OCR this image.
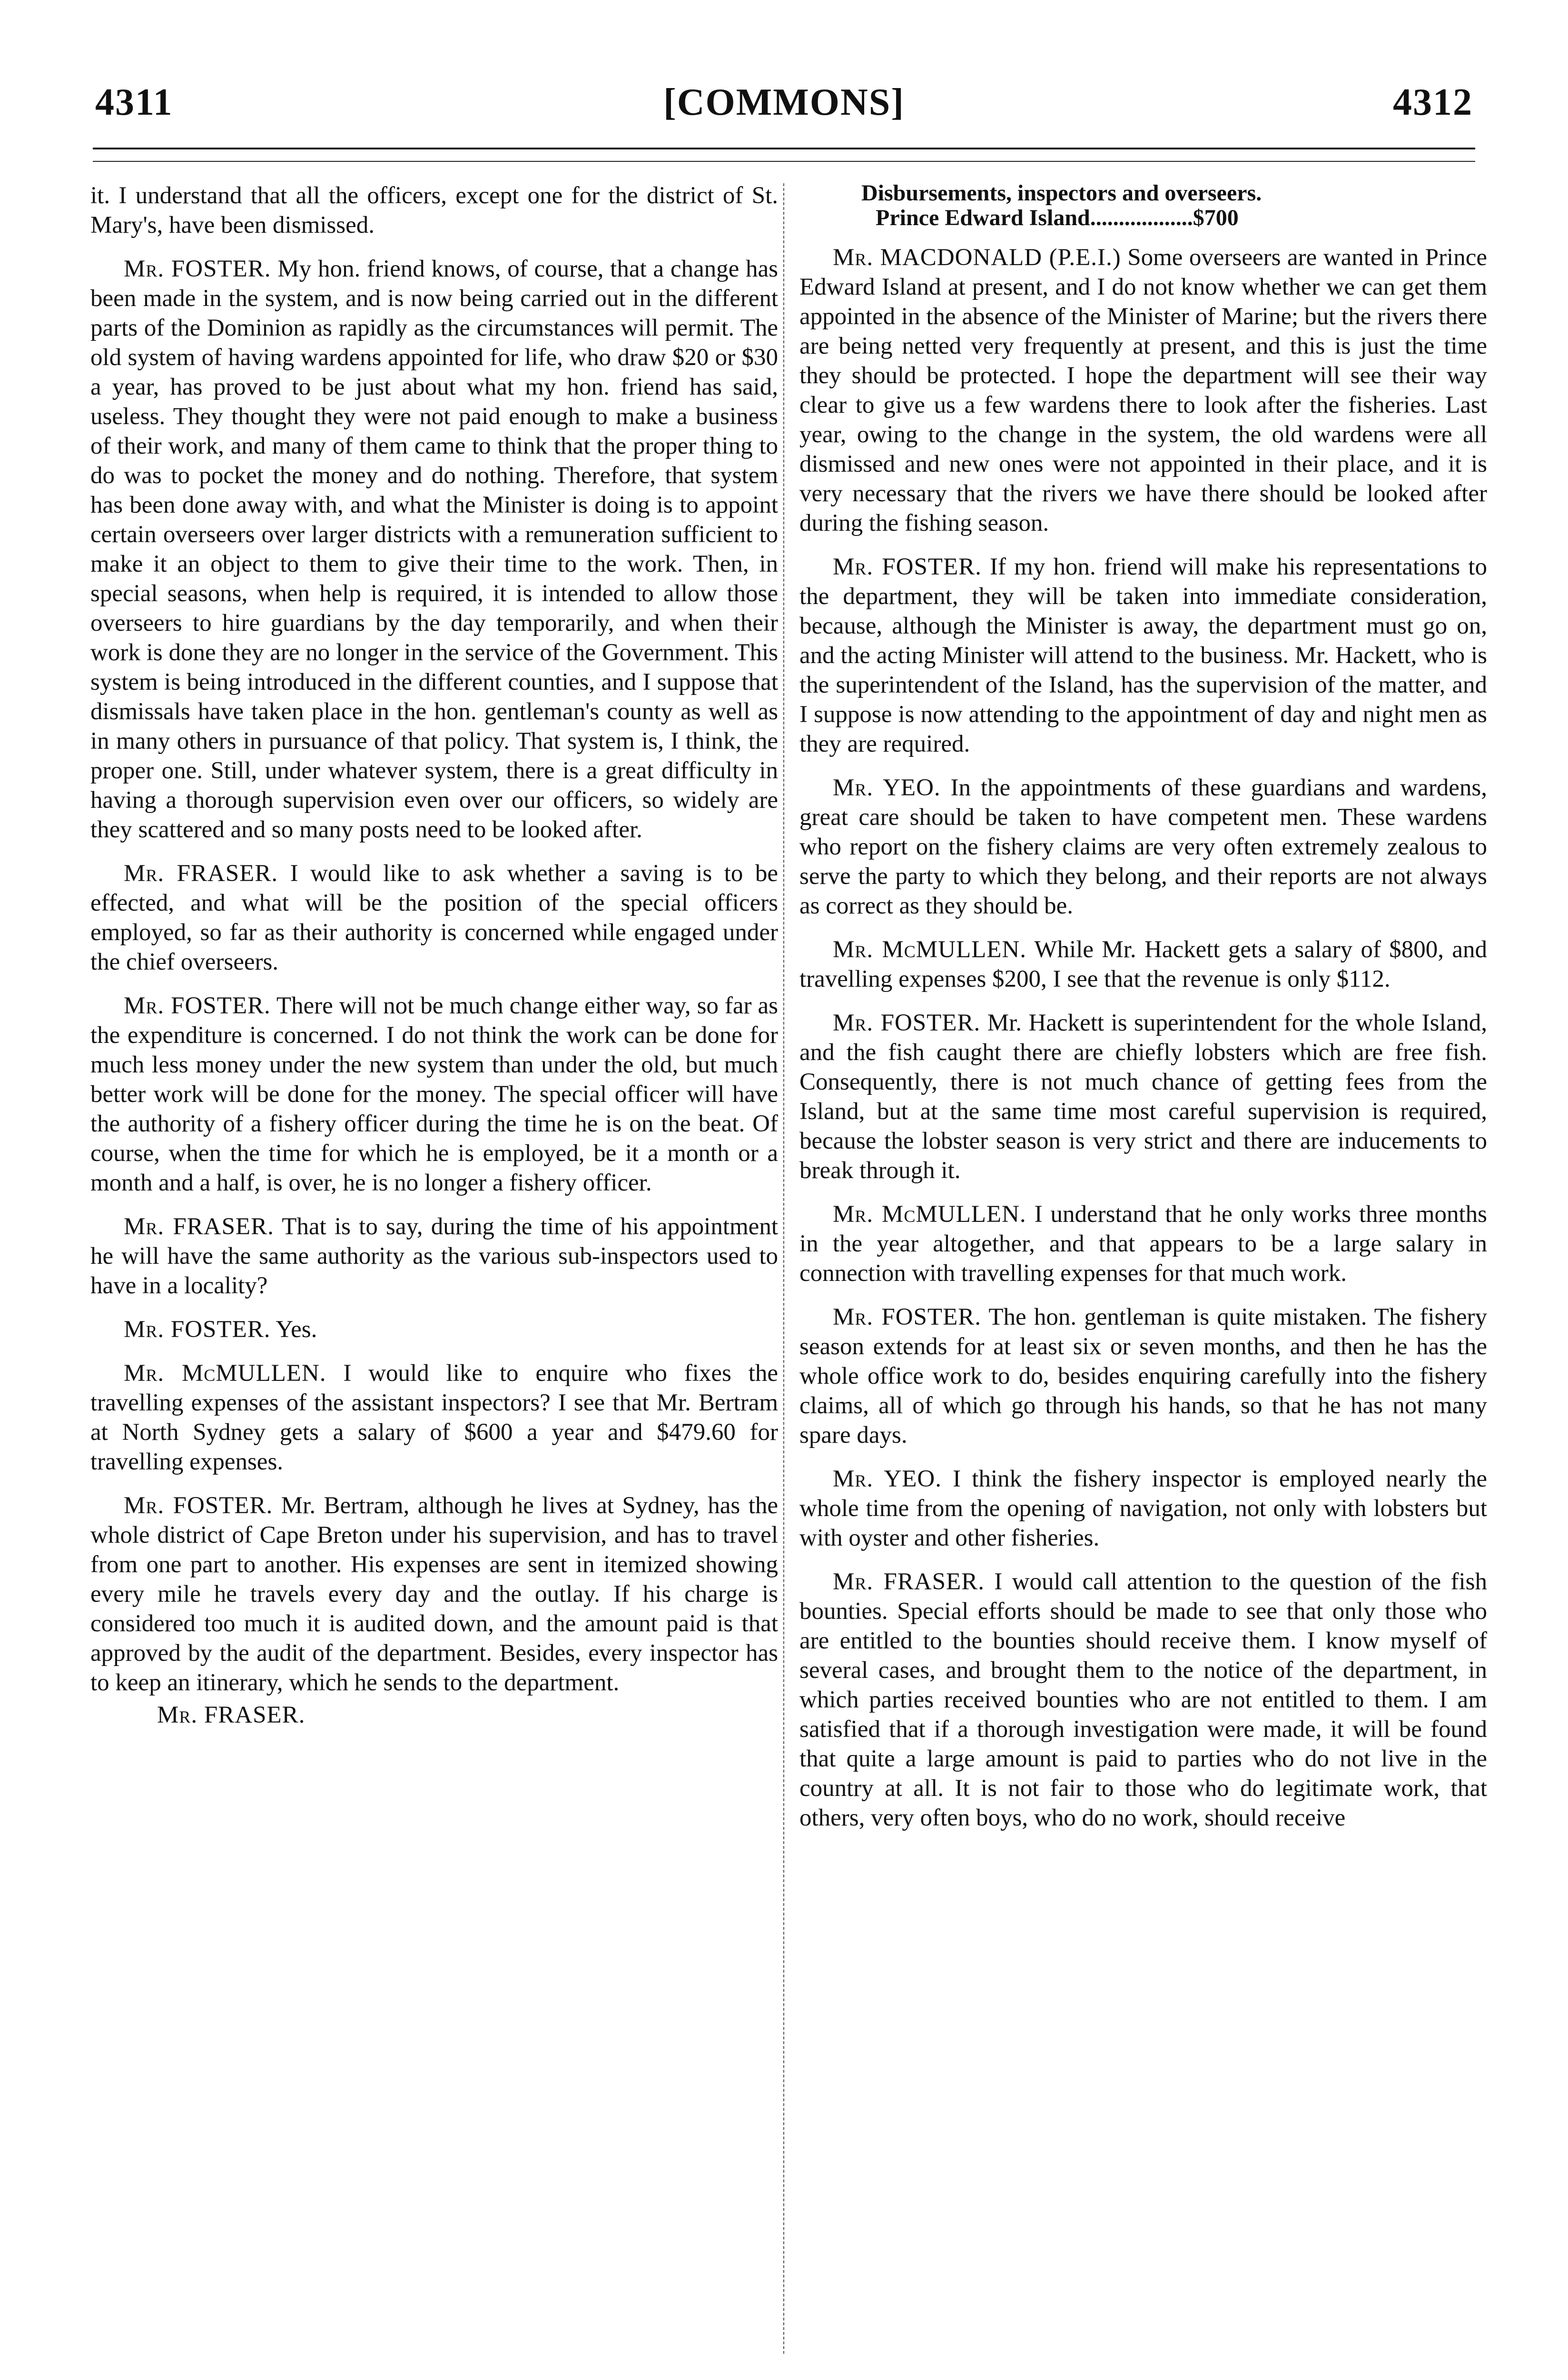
4311	[COMMONS]	4312

it. I understand that all the officers, except one for the district of St. Mary's, have been dismissed.

Mr. FOSTER. My hon. friend knows, of course, that a change has been made in the system, and is now being carried out in the different parts of the Dominion as rapidly as the circumstances will permit. The old system of having wardens appointed for life, who draw $20 or $30 a year, has proved to be just about what my hon. friend has said, useless. They thought they were not paid enough to make a business of their work, and many of them came to think that the proper thing to do was to pocket the money and do nothing. Therefore, that system has been done away with, and what the Minister is doing is to appoint certain overseers over larger districts with a remuneration sufficient to make it an object to them to give their time to the work. Then, in special seasons, when help is required, it is intended to allow those overseers to hire guardians by the day temporarily, and when their work is done they are no longer in the service of the Government. This system is being introduced in the different counties, and I suppose that dismissals have taken place in the hon. gentleman's county as well as in many others in pursuance of that policy. That system is, I think, the proper one. Still, under whatever system, there is a great difficulty in having a thorough supervision even over our officers, so widely are they scattered and so many posts need to be looked after.

Mr. FRASER. I would like to ask whether a saving is to be effected, and what will be the position of the special officers employed, so far as their authority is concerned while engaged under the chief overseers.

Mr. FOSTER. There will not be much change either way, so far as the expenditure is concerned. I do not think the work can be done for much less money under the new system than under the old, but much better work will be done for the money. The special officer will have the authority of a fishery officer during the time he is on the beat. Of course, when the time for which he is employed, be it a month or a month and a half, is over, he is no longer a fishery officer.

Mr. FRASER. That is to say, during the time of his appointment he will have the same authority as the various sub-inspectors used to have in a locality?

Mr. FOSTER. Yes.

Mr. McMULLEN. I would like to enquire who fixes the travelling expenses of the assistant inspectors? I see that Mr. Bertram at North Sydney gets a salary of $600 a year and $479.60 for travelling expenses.

Mr. FOSTER. Mr. Bertram, although he lives at Sydney, has the whole district of Cape Breton under his supervision, and has to travel from one part to another. His expenses are sent in itemized showing every mile he travels every day and the outlay. If his charge is considered too much it is audited down, and the amount paid is that approved by the audit of the department. Besides, every inspector has to keep an itinerary, which he sends to the department.

Mr. FRASER.

Disbursements, inspectors and overseers.
Prince Edward Island .................. $700

Mr. MACDONALD (P.E.I.) Some overseers are wanted in Prince Edward Island at present, and I do not know whether we can get them appointed in the absence of the Minister of Marine; but the rivers there are being netted very frequently at present, and this is just the time they should be protected. I hope the department will see their way clear to give us a few wardens there to look after the fisheries. Last year, owing to the change in the system, the old wardens were all dismissed and new ones were not appointed in their place, and it is very necessary that the rivers we have there should be looked after during the fishing season.

Mr. FOSTER. If my hon. friend will make his representations to the department, they will be taken into immediate consideration, because, although the Minister is away, the department must go on, and the acting Minister will attend to the business. Mr. Hackett, who is the superintendent of the Island, has the supervision of the matter, and I suppose is now attending to the appointment of day and night men as they are required.

Mr. YEO. In the appointments of these guardians and wardens, great care should be taken to have competent men. These wardens who report on the fishery claims are very often extremely zealous to serve the party to which they belong, and their reports are not always as correct as they should be.

Mr. McMULLEN. While Mr. Hackett gets a salary of $800, and travelling expenses $200, I see that the revenue is only $112.

Mr. FOSTER. Mr. Hackett is superintendent for the whole Island, and the fish caught there are chiefly lobsters which are free fish. Consequently, there is not much chance of getting fees from the Island, but at the same time most careful supervision is required, because the lobster season is very strict and there are inducements to break through it.

Mr. McMULLEN. I understand that he only works three months in the year altogether, and that appears to be a large salary in connection with travelling expenses for that much work.

Mr. FOSTER. The hon. gentleman is quite mistaken. The fishery season extends for at least six or seven months, and then he has the whole office work to do, besides enquiring carefully into the fishery claims, all of which go through his hands, so that he has not many spare days.

Mr. YEO. I think the fishery inspector is employed nearly the whole time from the opening of navigation, not only with lobsters but with oyster and other fisheries.

Mr. FRASER. I would call attention to the question of the fish bounties. Special efforts should be made to see that only those who are entitled to the bounties should receive them. I know myself of several cases, and brought them to the notice of the department, in which parties received bounties who are not entitled to them. I am satisfied that if a thorough investigation were made, it will be found that quite a large amount is paid to parties who do not live in the country at all. It is not fair to those who do legitimate work, that others, very often boys, who do no work, should receive
